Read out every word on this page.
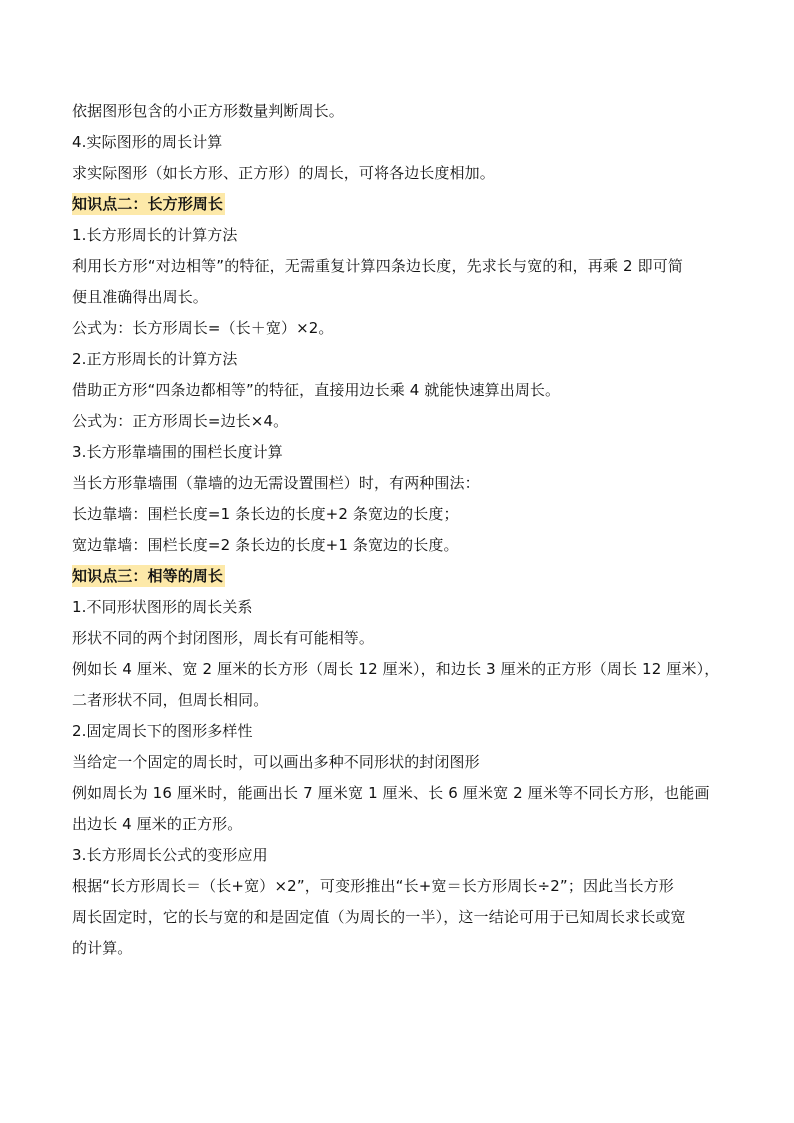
依据图形包含的小正方形数量判断周长。
4.实际图形的周长计算
求实际图形（如长方形、正方形）的周长，可将各边长度相加。
知识点二：长方形周长
1.长方形周长的计算方法
利用长方形“对边相等”的特征，无需重复计算四条边长度，先求长与宽的和，再乘 2 即可简
便且准确得出周长。
公式为：长方形周长=（长＋宽）×2。
2.正方形周长的计算方法
借助正方形“四条边都相等”的特征，直接用边长乘 4 就能快速算出周长。
公式为：正方形周长=边长×4。
3.长方形靠墙围的围栏长度计算
当长方形靠墙围（靠墙的边无需设置围栏）时，有两种围法：
长边靠墙：围栏长度=1 条长边的长度+2 条宽边的长度；
宽边靠墙：围栏长度=2 条长边的长度+1 条宽边的长度。
知识点三：相等的周长
1.不同形状图形的周长关系
形状不同的两个封闭图形，周长有可能相等。
例如长 4 厘米、宽 2 厘米的长方形（周长 12 厘米），和边长 3 厘米的正方形（周长 12 厘米），
二者形状不同，但周长相同。
2.固定周长下的图形多样性
当给定一个固定的周长时，可以画出多种不同形状的封闭图形
例如周长为 16 厘米时，能画出长 7 厘米宽 1 厘米、长 6 厘米宽 2 厘米等不同长方形，也能画
出边长 4 厘米的正方形。
3.长方形周长公式的变形应用
根据“长方形周长＝（长+宽）×2”，可变形推出“长+宽＝长方形周长÷2”；因此当长方形
周长固定时，它的长与宽的和是固定值（为周长的一半），这一结论可用于已知周长求长或宽
的计算。
